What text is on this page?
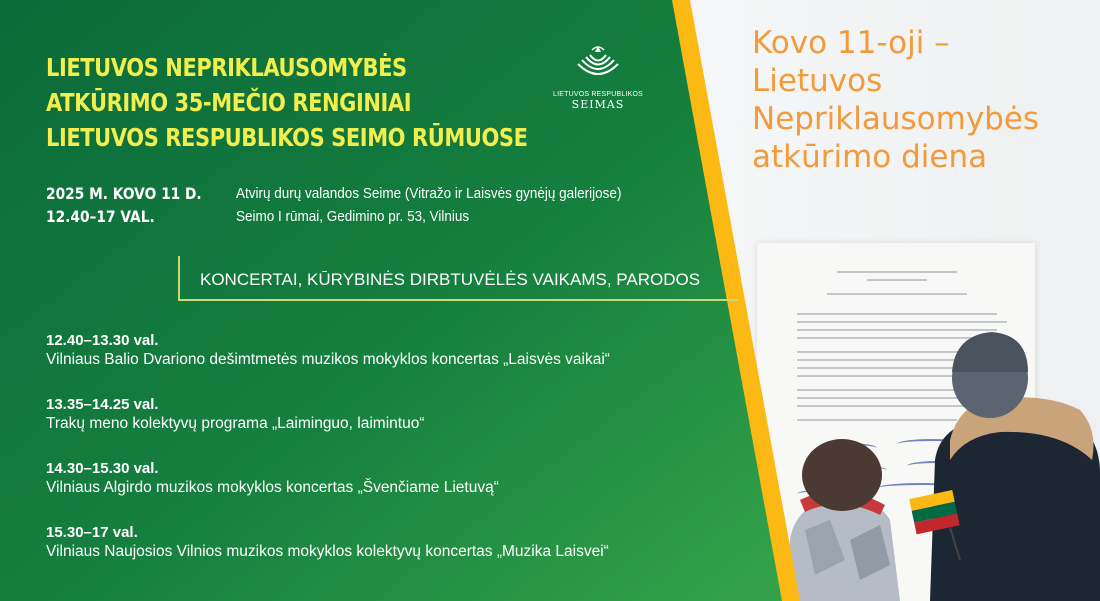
Kovo 11-oji –
Lietuvos
Nepriklausomybės
atkūrimo diena
LIETUVOS NEPRIKLAUSOMYBĖS
ATKŪRIMO 35-MEČIO RENGINIAI
LIETUVOS RESPUBLIKOS SEIMO RŪMUOSE
LIETUVOS RESPUBLIKOS
SEIMAS
2025 M. KOVO 11 D.
12.40–17 VAL.
Atvirų durų valandos Seime (Vitražo ir Laisvės gynėjų galerijose)
Seimo I rūmai, Gedimino pr. 53, Vilnius
KONCERTAI, KŪRYBINĖS DIRBTUVĖLĖS VAIKAMS, PARODOS
12.40–13.30 val.
Vilniaus Balio Dvariono dešimtmetės muzikos mokyklos koncertas „Laisvės vaikai“
13.35–14.25 val.
Trakų meno kolektyvų programa „Laiminguo, laimintuo“
14.30–15.30 val.
Vilniaus Algirdo muzikos mokyklos koncertas „Švenčiame Lietuvą“
15.30–17 val.
Vilniaus Naujosios Vilnios muzikos mokyklos kolektyvų koncertas „Muzika Laisvei“
